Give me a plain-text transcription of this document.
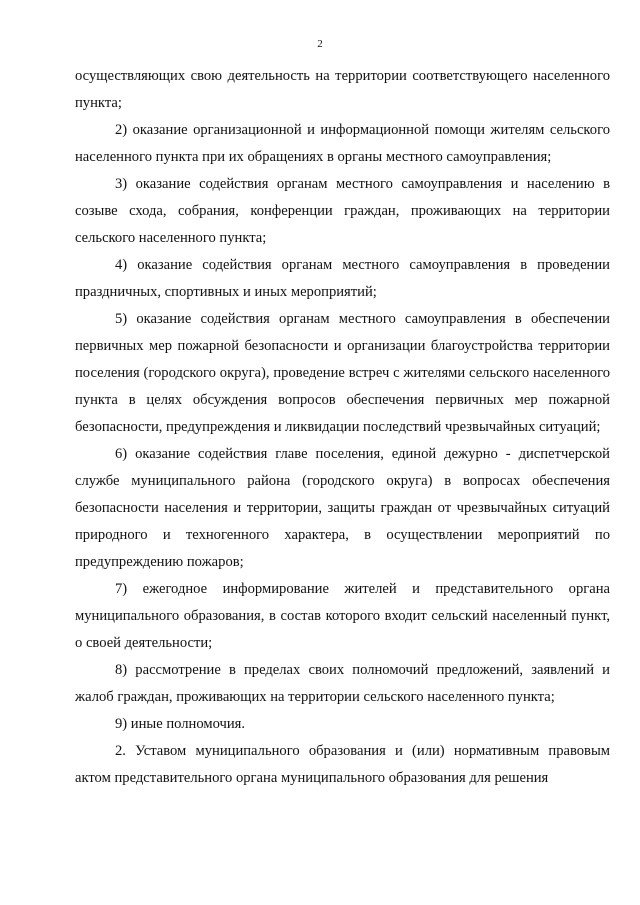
2

осуществляющих свою деятельность на территории соответствующего населенного пункта;

2) оказание организационной и информационной помощи жителям сельского населенного пункта при их обращениях в органы местного самоуправления;

3) оказание содействия органам местного самоуправления и населению в созыве схода, собрания, конференции граждан, проживающих на территории сельского населенного пункта;

4) оказание содействия органам местного самоуправления в проведении праздничных, спортивных и иных мероприятий;

5) оказание содействия органам местного самоуправления в обеспечении первичных мер пожарной безопасности и организации благоустройства территории поселения (городского округа), проведение встреч с жителями сельского населенного пункта в целях обсуждения вопросов обеспечения первичных мер пожарной безопасности, предупреждения и ликвидации последствий чрезвычайных ситуаций;

6) оказание содействия главе поселения, единой дежурно - диспетчерской службе муниципального района (городского округа) в вопросах обеспечения безопасности населения и территории, защиты граждан от чрезвычайных ситуаций природного и техногенного характера, в осуществлении мероприятий по предупреждению пожаров;

7) ежегодное информирование жителей и представительного органа муниципального образования, в состав которого входит сельский населенный пункт, о своей деятельности;

8) рассмотрение в пределах своих полномочий предложений, заявлений и жалоб граждан, проживающих на территории сельского населенного пункта;

9) иные полномочия.

2. Уставом муниципального образования и (или) нормативным правовым актом представительного органа муниципального образования для решения
